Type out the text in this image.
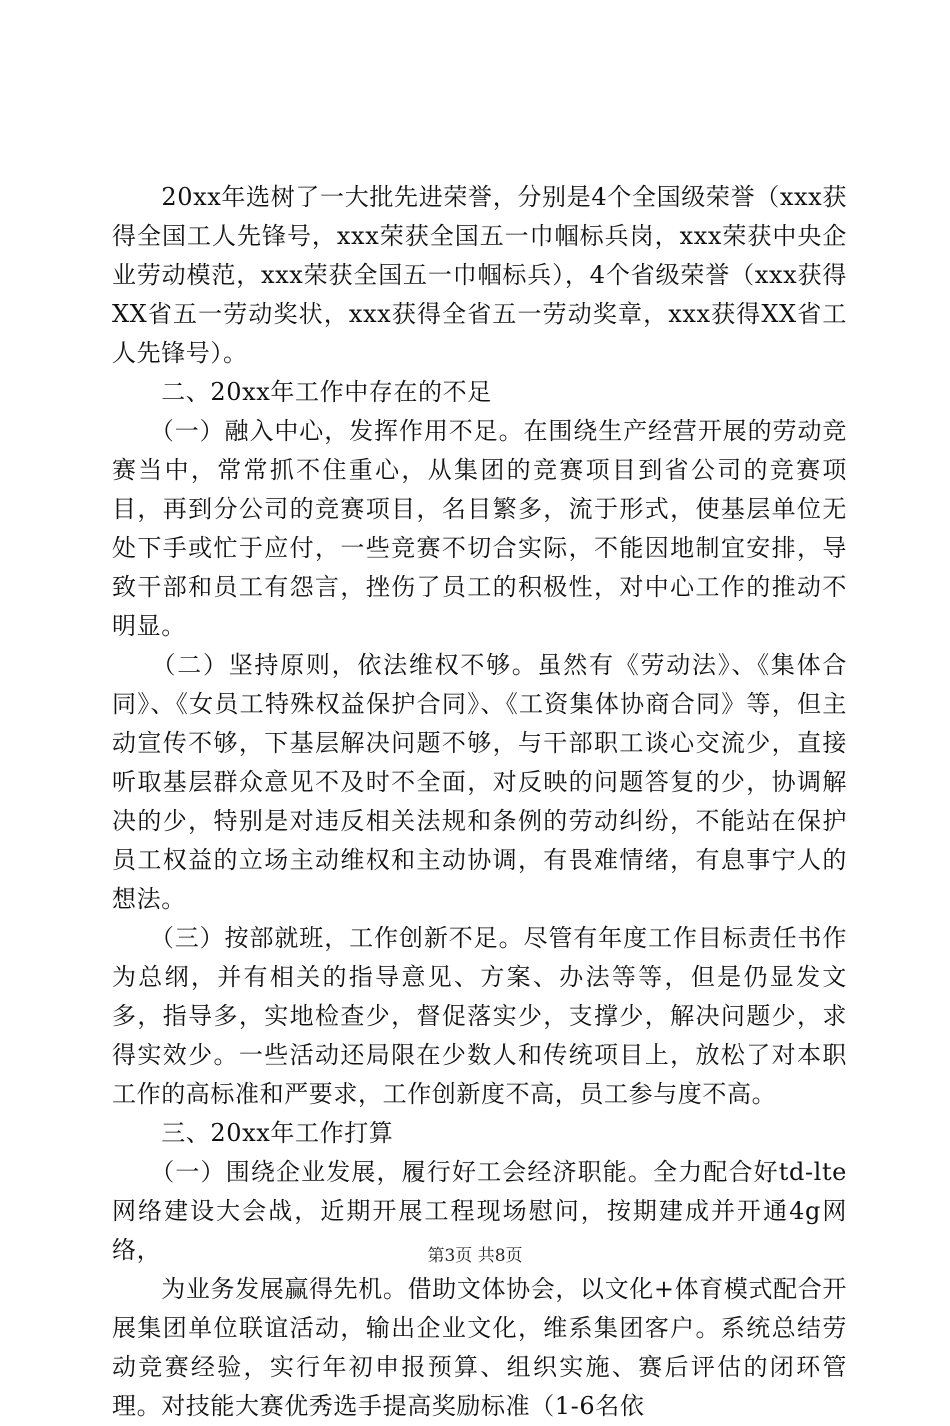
　　20xx年选树了一大批先进荣誉，分别是4个全国级荣誉（xxx获得全国工人先锋号，xxx荣获全国五一巾帼标兵岗，xxx荣获中央企业劳动模范，xxx荣获全国五一巾帼标兵），4个省级荣誉（xxx获得XX省五一劳动奖状，xxx获得全省五一劳动奖章，xxx获得XX省工人先锋号）。

　　二、20xx年工作中存在的不足

　　（一）融入中心，发挥作用不足。在围绕生产经营开展的劳动竞赛当中，常常抓不住重心，从集团的竞赛项目到省公司的竞赛项目，再到分公司的竞赛项目，名目繁多，流于形式，使基层单位无处下手或忙于应付，一些竞赛不切合实际，不能因地制宜安排，导致干部和员工有怨言，挫伤了员工的积极性，对中心工作的推动不明显。

　　（二）坚持原则，依法维权不够。虽然有《劳动法》、《集体合同》、《女员工特殊权益保护合同》、《工资集体协商合同》等，但主动宣传不够，下基层解决问题不够，与干部职工谈心交流少，直接听取基层群众意见不及时不全面，对反映的问题答复的少，协调解决的少，特别是对违反相关法规和条例的劳动纠纷，不能站在保护员工权益的立场主动维权和主动协调，有畏难情绪，有息事宁人的想法。

　　（三）按部就班，工作创新不足。尽管有年度工作目标责任书作为总纲，并有相关的指导意见、方案、办法等等，但是仍显发文多，指导多，实地检查少，督促落实少，支撑少，解决问题少，求得实效少。一些活动还局限在少数人和传统项目上，放松了对本职工作的高标准和严要求，工作创新度不高，员工参与度不高。

　　三、20xx年工作打算

　　（一）围绕企业发展，履行好工会经济职能。全力配合好td-lte网络建设大会战，近期开展工程现场慰问，按期建成并开通4g网络，

　　为业务发展赢得先机。借助文体协会，以文化+体育模式配合开展集团单位联谊活动，输出企业文化，维系集团客户。系统总结劳动竞赛经验，实行年初申报预算、组织实施、赛后评估的闭环管理。对技能大赛优秀选手提高奖励标准（1-6名依

第3页 共8页
